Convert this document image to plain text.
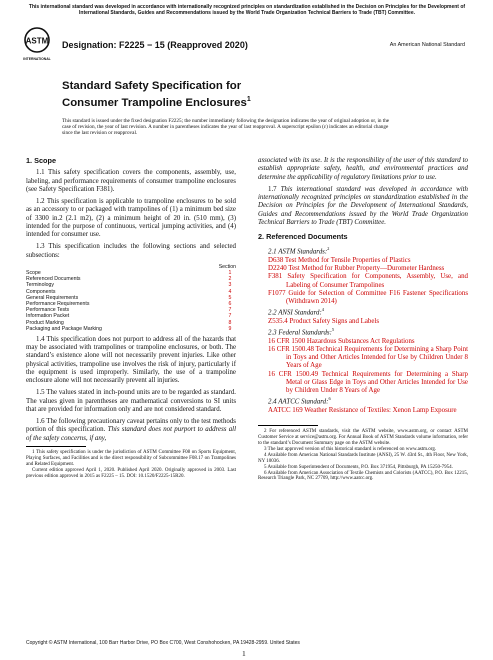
This international standard was developed in accordance with internationally recognized principles on standardization established in the Decision on Principles for the Development of International Standards, Guides and Recommendations issued by the World Trade Organization Technical Barriers to Trade (TBT) Committee.
ASTM
INTERNATIONAL
Designation: F2225 − 15 (Reapproved 2020)	An American National Standard
Standard Safety Specification for
Consumer Trampoline Enclosures$^1$
This standard is issued under the fixed designation F2225; the number immediately following the designation indicates the year of original adoption or, in the case of revision, the year of last revision. A number in parentheses indicates the year of last reapproval. A superscript epsilon (ε) indicates an editorial change since the last revision or reapproval.
1. Scope

1.1 This safety specification covers the components, assembly, use, labeling, and performance requirements of consumer trampoline enclosures (see Safety Specification F381).

1.2 This specification is applicable to trampoline enclosures to be sold as an accessory to or packaged with trampolines of (1) a minimum bed size of 3300 in.2 (2.1 m2), (2) a minimum height of 20 in. (510 mm), (3) intended for the purpose of continuous, vertical jumping activities, and (4) intended for consumer use.

1.3 This specification includes the following sections and selected subsections:

Section
Scope	1
Referenced Documents	2
Terminology	3
Components	4
General Requirements	5
Performance Requirements	6
Performance Tests	7
Information Packet	7
Product Marking	8
Packaging and Package Marking	9

1.4 This specification does not purport to address all of the hazards that may be associated with trampolines or trampoline enclosures, or both. The standard’s existence alone will not necessarily prevent injuries. Like other physical activities, trampoline use involves the risk of injury, particularly if the equipment is used improperly. Similarly, the use of a trampoline enclosure alone will not necessarily prevent all injuries.

1.5 The values stated in inch-pound units are to be regarded as standard. The values given in parentheses are mathematical conversions to SI units that are provided for information only and are not considered standard.

1.6 The following precautionary caveat pertains only to the test methods portion of this specification. This standard does not purport to address all of the safety concerns, if any,

1 This safety specification is under the jurisdiction of ASTM Committee F08 on Sports Equipment, Playing Surfaces, and Facilities and is the direct responsibility of Subcommittee F08.17 on Trampolines and Related Equipment.

Current edition approved April 1, 2020. Published April 2020. Originally approved in 2003. Last previous edition approved in 2015 as F2225 – 15. DOI: 10.1520/F2225-15R20.

associated with its use. It is the responsibility of the user of this standard to establish appropriate safety, health, and environmental practices and determine the applicability of regulatory limitations prior to use.

1.7 This international standard was developed in accordance with internationally recognized principles on standardization established in the Decision on Principles for the Development of International Standards, Guides and Recommendations issued by the World Trade Organization Technical Barriers to Trade (TBT) Committee.

2. Referenced Documents

2.1 ASTM Standards:$^2$

D638 Test Method for Tensile Properties of Plastics

D2240 Test Method for Rubber Property—Durometer Hardness

F381 Safety Specification for Components, Assembly, Use, and Labeling of Consumer Trampolines

F1077 Guide for Selection of Committee F16 Fastener Specifications (Withdrawn 2014)

2.2 ANSI Standard:$^4$

Z535.4 Product Safety Signs and Labels

2.3 Federal Standards:$^5$

16 CFR 1500 Hazardous Substances Act Regulations

16 CFR 1500.48 Technical Requirements for Determining a Sharp Point in Toys and Other Articles Intended for Use by Children Under 8 Years of Age

16 CFR 1500.49 Technical Requirements for Determining a Sharp Metal or Glass Edge in Toys and Other Articles Intended for Use by Children Under 8 Years of Age

2.4 AATCC Standard:$^6$

AATCC 169 Weather Resistance of Textiles: Xenon Lamp Exposure

2 For referenced ASTM standards, visit the ASTM website, www.astm.org, or contact ASTM Customer Service at service@astm.org. For Annual Book of ASTM Standards volume information, refer to the standard’s Document Summary page on the ASTM website.

3 The last approved version of this historical standard is referenced on www.astm.org.

4 Available from American National Standards Institute (ANSI), 25 W. 43rd St., 4th Floor, New York, NY 10036.

5 Available from Superintendent of Documents, P.O. Box 371954, Pittsburgh, PA 15250-7954.

6 Available from American Association of Textile Chemists and Colorists (AATCC), P.O. Box 12215, Research Triangle Park, NC 27709, http://www.aatcc.org.

Copyright © ASTM International, 100 Barr Harbor Drive, PO Box C700, West Conshohocken, PA 19428-2959. United States
1
